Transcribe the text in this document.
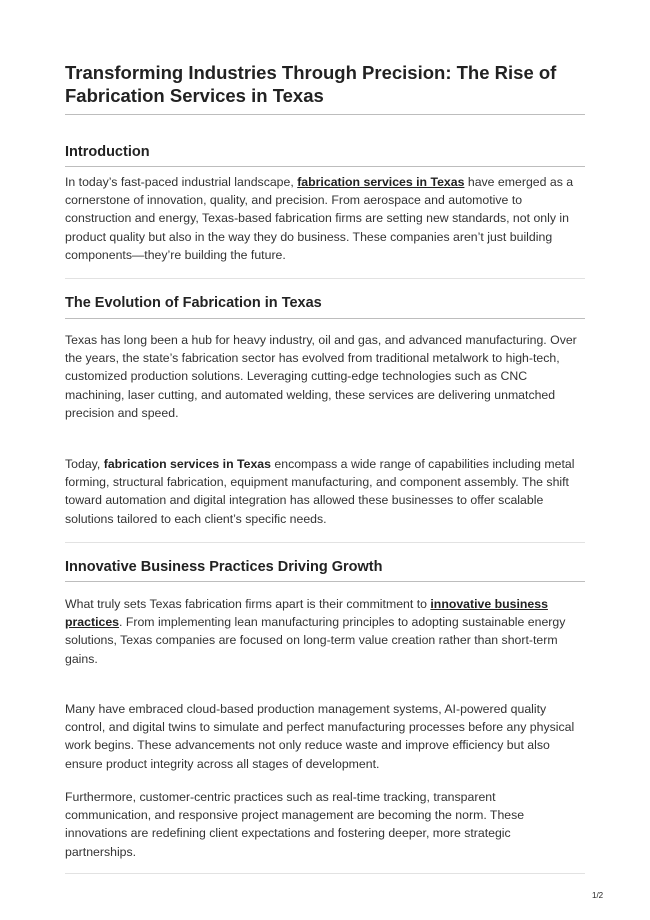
Transforming Industries Through Precision: The Rise of Fabrication Services in Texas
Introduction

In today’s fast-paced industrial landscape, fabrication services in Texas have emerged as a cornerstone of innovation, quality, and precision. From aerospace and automotive to construction and energy, Texas-based fabrication firms are setting new standards, not only in product quality but also in the way they do business. These companies aren’t just building components—they’re building the future.

The Evolution of Fabrication in Texas

Texas has long been a hub for heavy industry, oil and gas, and advanced manufacturing. Over the years, the state’s fabrication sector has evolved from traditional metalwork to high-tech, customized production solutions. Leveraging cutting-edge technologies such as CNC machining, laser cutting, and automated welding, these services are delivering unmatched precision and speed.

Today, fabrication services in Texas encompass a wide range of capabilities including metal forming, structural fabrication, equipment manufacturing, and component assembly. The shift toward automation and digital integration has allowed these businesses to offer scalable solutions tailored to each client’s specific needs.

Innovative Business Practices Driving Growth

What truly sets Texas fabrication firms apart is their commitment to innovative business practices. From implementing lean manufacturing principles to adopting sustainable energy solutions, Texas companies are focused on long-term value creation rather than short-term gains.

Many have embraced cloud-based production management systems, AI-powered quality control, and digital twins to simulate and perfect manufacturing processes before any physical work begins. These advancements not only reduce waste and improve efficiency but also ensure product integrity across all stages of development.

Furthermore, customer-centric practices such as real-time tracking, transparent communication, and responsive project management are becoming the norm. These innovations are redefining client expectations and fostering deeper, more strategic partnerships.

1/2
